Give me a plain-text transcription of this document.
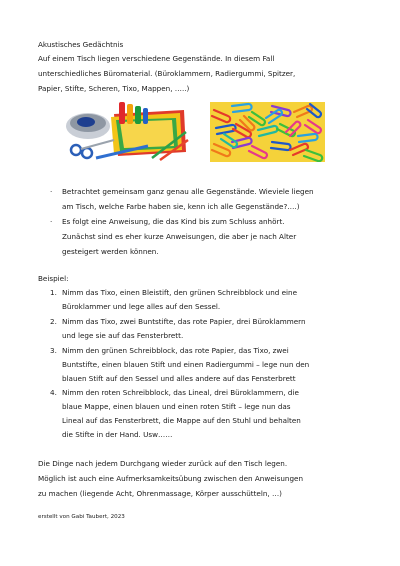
Akustisches Gedächtnis
Auf einem Tisch liegen verschiedene Gegenstände. In diesem Fall
unterschiedliches Büromaterial. (Büroklammern, Radiergummi, Spitzer,
Papier, Stifte, Scheren, Tixo, Mappen, …..)
· Betrachtet gemeinsam ganz genau alle Gegenstände. Wieviele liegen
am Tisch, welche Farbe haben sie, kenn ich alle Gegenstände?….)
· Es folgt eine Anweisung, die das Kind bis zum Schluss anhört.
Zunächst sind es eher kurze Anweisungen, die aber je nach Alter
gesteigert werden können.
Beispiel:
1. Nimm das Tixo, einen Bleistift, den grünen Schreibblock und eine
Büroklammer und lege alles auf den Sessel.
2. Nimm das Tixo, zwei Buntstifte, das rote Papier, drei Büroklammern
und lege sie auf das Fensterbrett.
3. Nimm den grünen Schreibblock, das rote Papier, das Tixo, zwei
Buntstifte, einen blauen Stift und einen Radiergummi – lege nun den
blauen Stift auf den Sessel und alles andere auf das Fensterbrett
4. Nimm den roten Schreibblock, das Lineal, drei Büroklammern, die
blaue Mappe, einen blauen und einen roten Stift – lege nun das
Lineal auf das Fensterbrett, die Mappe auf den Stuhl und behalten
die Stifte in der Hand. Usw……
Die Dinge nach jedem Durchgang wieder zurück auf den Tisch legen.
Möglich ist auch eine Aufmerksamkeitsübung zwischen den Anweisungen
zu machen (liegende Acht, Ohrenmassage, Körper ausschütteln, …)
erstellt von Gabi Taubert, 2023
